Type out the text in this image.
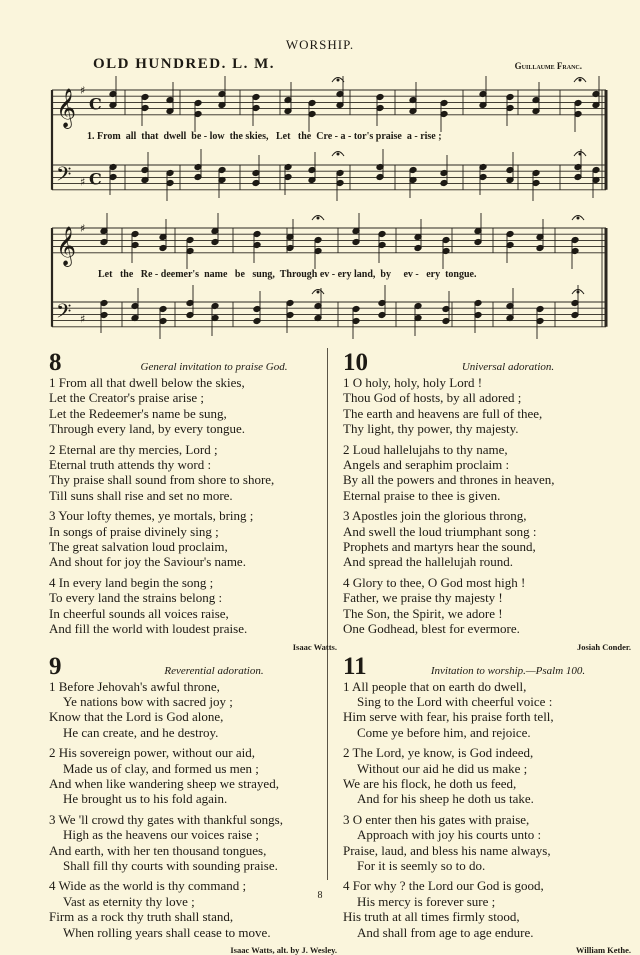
WORSHIP.
OLD HUNDRED. L. M.	Guillaume Franc.
𝄞 ♯
C
𝄢 ♯ C
𝄞 ♯
𝄢 ♯
1. From  all  that  dwell  be - low  the skies,   Let   the  Cre - a - tor's praise  a - rise ;
Let   the   Re - deemer's  name   be   sung,  Through ev - ery land,  by     ev -   ery  tongue.
8	General invitation to praise God.
1 From all that dwell below the skies,
Let the Creator's praise arise ;
Let the Redeemer's name be sung,
Through every land, by every tongue.
2 Eternal are thy mercies, Lord ;
Eternal truth attends thy word :
Thy praise shall sound from shore to shore,
Till suns shall rise and set no more.
3 Your lofty themes, ye mortals, bring ;
In songs of praise divinely sing ;
The great salvation loud proclaim,
And shout for joy the Saviour's name.
4 In every land begin the song ;
To every land the strains belong :
In cheerful sounds all voices raise,
And fill the world with loudest praise.
Isaac Watts.
9	Reverential adoration.
1 Before Jehovah's awful throne,
Ye nations bow with sacred joy ;
Know that the Lord is God alone,
He can create, and he destroy.
2 His sovereign power, without our aid,
Made us of clay, and formed us men ;
And when like wandering sheep we strayed,
He brought us to his fold again.
3 We 'll crowd thy gates with thankful songs,
High as the heavens our voices raise ;
And earth, with her ten thousand tongues,
Shall fill thy courts with sounding praise.
4 Wide as the world is thy command ;
Vast as eternity thy love ;
Firm as a rock thy truth shall stand,
When rolling years shall cease to move.
Isaac Watts, alt. by J. Wesley.
10	Universal adoration.
1 O holy, holy, holy Lord !
Thou God of hosts, by all adored ;
The earth and heavens are full of thee,
Thy light, thy power, thy majesty.
2 Loud hallelujahs to thy name,
Angels and seraphim proclaim :
By all the powers and thrones in heaven,
Eternal praise to thee is given.
3 Apostles join the glorious throng,
And swell the loud triumphant song :
Prophets and martyrs hear the sound,
And spread the hallelujah round.
4 Glory to thee, O God most high !
Father, we praise thy majesty !
The Son, the Spirit, we adore !
One Godhead, blest for evermore.
Josiah Conder.
11	Invitation to worship.—Psalm 100.
1 All people that on earth do dwell,
Sing to the Lord with cheerful voice :
Him serve with fear, his praise forth tell,
Come ye before him, and rejoice.
2 The Lord, ye know, is God indeed,
Without our aid he did us make ;
We are his flock, he doth us feed,
And for his sheep he doth us take.
3 O enter then his gates with praise,
Approach with joy his courts unto :
Praise, laud, and bless his name always,
For it is seemly so to do.
4 For why ? the Lord our God is good,
His mercy is forever sure ;
His truth at all times firmly stood,
And shall from age to age endure.
William Kethe.
8
